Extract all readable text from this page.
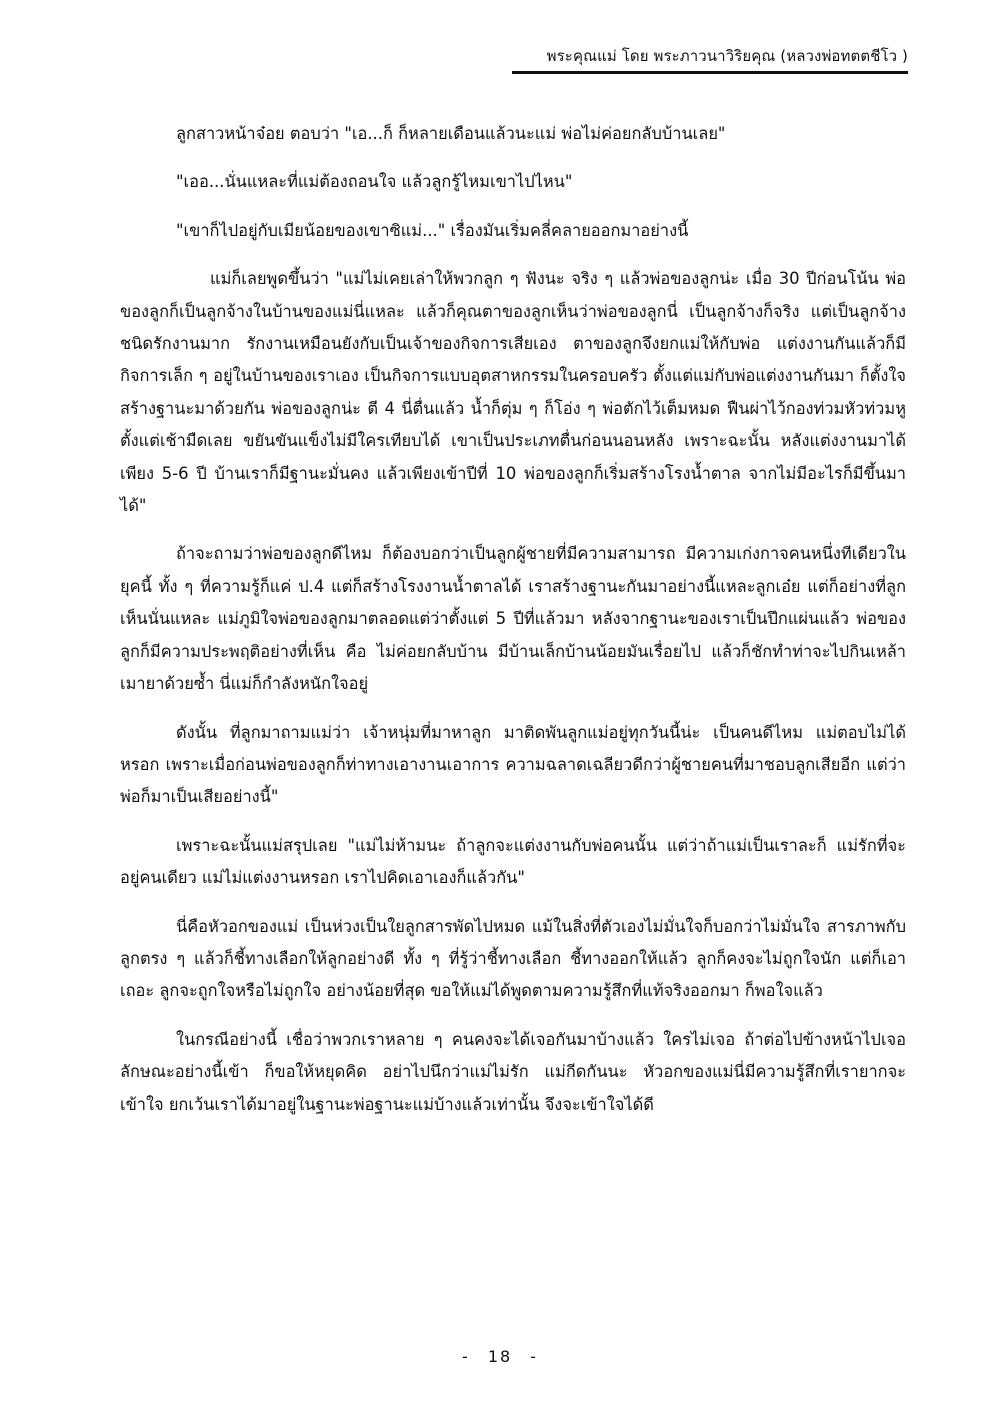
พระคุณแม่ โดย พระภาวนาวิริยคุณ (หลวงพ่อทตตชีโว )

ลูกสาวหน้าจ๋อย ตอบว่า "เอ...ก็ ก็หลายเดือนแล้วนะแม่ พ่อไม่ค่อยกลับบ้านเลย"

"เออ...นั่นแหละที่แม่ต้องถอนใจ แล้วลูกรู้ไหมเขาไปไหน"

"เขาก็ไปอยู่กับเมียน้อยของเขาซิแม่..." เรื่องมันเริ่มคลี่คลายออกมาอย่างนี้

แม่ก็เลยพูดขึ้นว่า "แม่ไม่เคยเล่าให้พวกลูก ๆ ฟังนะ จริง ๆ แล้วพ่อของลูกน่ะ เมื่อ 30 ปีก่อนโน้น พ่อของลูกก็เป็นลูกจ้างในบ้านของแม่นี่แหละ แล้วก็คุณตาของลูกเห็นว่าพ่อของลูกนี่ เป็นลูกจ้างก็จริง แต่เป็นลูกจ้างชนิดรักงานมาก รักงานเหมือนยังกับเป็นเจ้าของกิจการเสียเอง ตาของลูกจึงยกแม่ให้กับพ่อ แต่งงานกันแล้วก็มีกิจการเล็ก ๆ อยู่ในบ้านของเราเอง เป็นกิจการแบบอุตสาหกรรมในครอบครัว ตั้งแต่แม่กับพ่อแต่งงานกันมา ก็ตั้งใจสร้างฐานะมาด้วยกัน พ่อของลูกน่ะ ตี 4 นี่ตื่นแล้ว น้ำก็ตุ่ม ๆ ก็โอ่ง ๆ พ่อตักไว้เต็มหมด ฟืนผ่าไว้กองท่วมหัวท่วมหูตั้งแต่เช้ามืดเลย ขยันขันแข็งไม่มีใครเทียบได้ เขาเป็นประเภทตื่นก่อนนอนหลัง เพราะฉะนั้น หลังแต่งงานมาได้เพียง 5-6 ปี บ้านเราก็มีฐานะมั่นคง แล้วเพียงเข้าปีที่ 10 พ่อของลูกก็เริ่มสร้างโรงน้ำตาล จากไม่มีอะไรก็มีขึ้นมาได้"

ถ้าจะถามว่าพ่อของลูกดีไหม ก็ต้องบอกว่าเป็นลูกผู้ชายที่มีความสามารถ มีความเก่งกาจคนหนึ่งทีเดียวในยุคนี้ ทั้ง ๆ ที่ความรู้ก็แค่ ป.4 แต่ก็สร้างโรงงานน้ำตาลได้ เราสร้างฐานะกันมาอย่างนี้แหละลูกเอ๋ย แต่ก็อย่างที่ลูกเห็นนั่นแหละ แม่ภูมิใจพ่อของลูกมาตลอดแต่ว่าตั้งแต่ 5 ปีที่แล้วมา หลังจากฐานะของเราเป็นปึกแผ่นแล้ว พ่อของลูกก็มีความประพฤติอย่างที่เห็น คือ ไม่ค่อยกลับบ้าน มีบ้านเล็กบ้านน้อยมันเรื่อยไป แล้วก็ชักทำท่าจะไปกินเหล้าเมายาด้วยซ้ำ นี่แม่ก็กำลังหนักใจอยู่

ดังนั้น ที่ลูกมาถามแม่ว่า เจ้าหนุ่มที่มาหาลูก มาติดพันลูกแม่อยู่ทุกวันนี้น่ะ เป็นคนดีไหม แม่ตอบไม่ได้หรอก เพราะเมื่อก่อนพ่อของลูกก็ท่าทางเอางานเอาการ ความฉลาดเฉลียวดีกว่าผู้ชายคนที่มาชอบลูกเสียอีก แต่ว่าพ่อก็มาเป็นเสียอย่างนี้"

เพราะฉะนั้นแม่สรุปเลย "แม่ไม่ห้ามนะ ถ้าลูกจะแต่งงานกับพ่อคนนั้น แต่ว่าถ้าแม่เป็นเราละก็ แม่รักที่จะอยู่คนเดียว แม่ไม่แต่งงานหรอก เราไปคิดเอาเองก็แล้วกัน"

นี่คือหัวอกของแม่ เป็นห่วงเป็นใยลูกสารพัดไปหมด แม้ในสิ่งที่ตัวเองไม่มั่นใจก็บอกว่าไม่มั่นใจ สารภาพกับลูกตรง ๆ แล้วก็ชี้ทางเลือกให้ลูกอย่างดี ทั้ง ๆ ที่รู้ว่าชี้ทางเลือก ชี้ทางออกให้แล้ว ลูกก็คงจะไม่ถูกใจนัก แต่ก็เอาเถอะ ลูกจะถูกใจหรือไม่ถูกใจ อย่างน้อยที่สุด ขอให้แม่ได้พูดตามความรู้สึกที่แท้จริงออกมา ก็พอใจแล้ว

ในกรณีอย่างนี้ เชื่อว่าพวกเราหลาย ๆ คนคงจะได้เจอกันมาบ้างแล้ว ใครไม่เจอ ถ้าต่อไปข้างหน้าไปเจอลักษณะอย่างนี้เข้า ก็ขอให้หยุดคิด อย่าไปนึกว่าแม่ไม่รัก แม่กีดกันนะ หัวอกของแม่นี่มีความรู้สึกที่เรายากจะเข้าใจ ยกเว้นเราได้มาอยู่ในฐานะพ่อฐานะแม่บ้างแล้วเท่านั้น จึงจะเข้าใจได้ดี

- 18 -
